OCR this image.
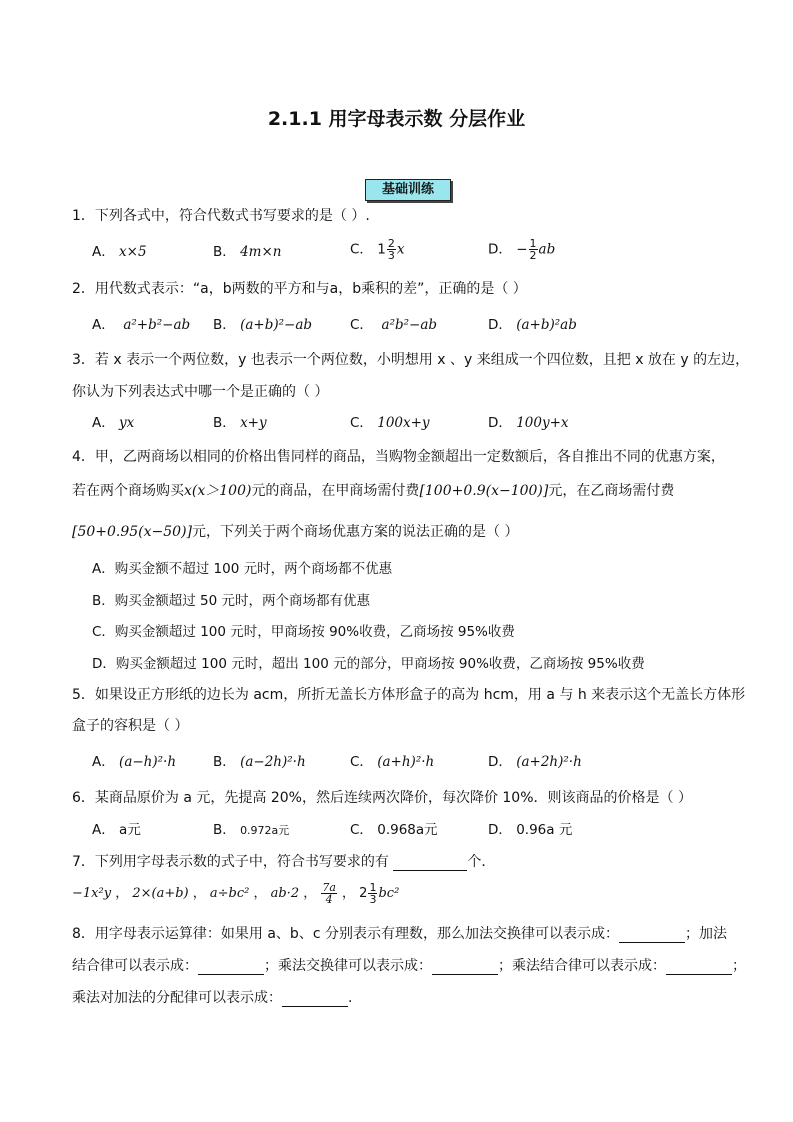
2.1.1 用字母表示数 分层作业
基础训练
1．下列各式中，符合代数式书写要求的是（ ）.
A． x×5	B． 4m×n	C． $1 \frac{2}{3}$ x	D． − $\frac{1}{2}$ ab
2．用代数式表示：“a，b两数的平方和与a，b乘积的差”，正确的是（ ）
A． a²+b²−ab B． (a+b)²−ab	C． a²b²−ab	D． (a+b)²ab
3．若 x 表示一个两位数，y 也表示一个两位数，小明想用 x 、y 来组成一个四位数，且把 x 放在 y 的左边，
你认为下列表达式中哪一个是正确的（ ）
A． yx	B． x+y	C． 100x+y	D． 100y+x
4．甲，乙两商场以相同的价格出售同样的商品，当购物金额超出一定数额后，各自推出不同的优惠方案，
若在两个商场购买x(x＞100)元的商品，在甲商场需付费[100+0.9(x−100)]元，在乙商场需付费
[50+0.95(x−50)]元，下列关于两个商场优惠方案的说法正确的是（ ）
A．购买金额不超过 100 元时，两个商场都不优惠
B．购买金额超过 50 元时，两个商场都有优惠
C．购买金额超过 100 元时，甲商场按 90%收费，乙商场按 95%收费
D．购买金额超过 100 元时，超出 100 元的部分，甲商场按 90%收费，乙商场按 95%收费
5．如果设正方形纸的边长为 acm，所折无盖长方体形盒子的高为 hcm，用 a 与 h 来表示这个无盖长方体形
盒子的容积是（ ）
A． (a−h)²·h	B． (a−2h)²·h	C． (a+h)²·h	D． (a+2h)²·h
6．某商品原价为 a 元，先提高 20%，然后连续两次降价，每次降价 10%．则该商品的价格是（ ）
A． a元	B． 0.972a元	C． 0.968a元	D． 0.96a 元
7．下列用字母表示数的式子中，符合书写要求的有	个．
−1x²y ， 2×(a+b) ， a÷bc² ， ab·2 ， $\frac{7a}{4}$ ， $2 \frac{1}{3} bc^2$
8．用字母表示运算律：如果用 a、b、c 分别表示有理数，那么加法交换律可以表示成：	；加法
结合律可以表示成：	；乘法交换律可以表示成：	；乘法结合律可以表示成：	；
乘法对加法的分配律可以表示成：	.
